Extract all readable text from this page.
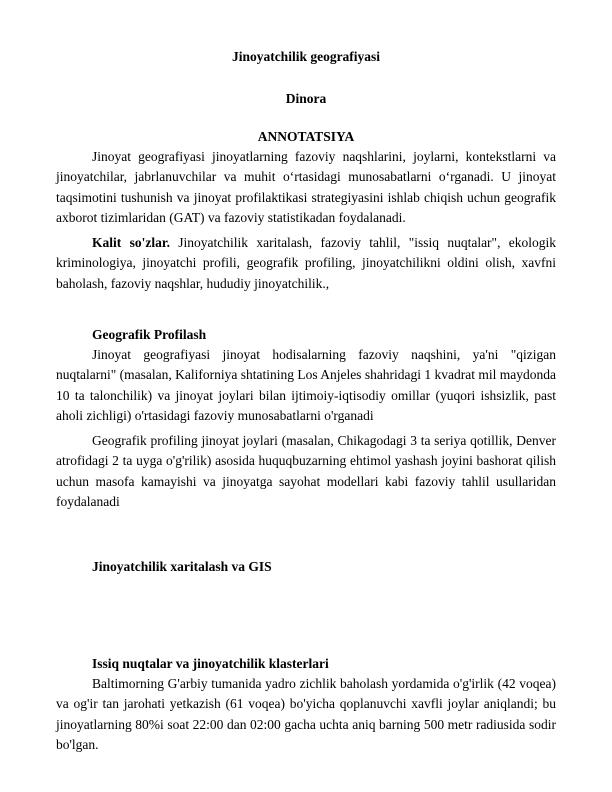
Jinoyatchilik geografiyasi
Dinora
ANNOTATSIYA

Jinoyat geografiyasi jinoyatlarning fazoviy naqshlarini, joylarni, kontekstlarni va jinoyatchilar, jabrlanuvchilar va muhit o‘rtasidagi munosabatlarni o‘rganadi. U jinoyat taqsimotini tushunish va jinoyat profilaktikasi strategiyasini ishlab chiqish uchun geografik axborot tizimlaridan (GAT) va fazoviy statistikadan foydalanadi.

Kalit so'zlar. Jinoyatchilik xaritalash, fazoviy tahlil, "issiq nuqtalar", ekologik kriminologiya, jinoyatchi profili, geografik profiling, jinoyatchilikni oldini olish, xavfni baholash, fazoviy naqshlar, hududiy jinoyatchilik.,

Geografik Profilash

Jinoyat geografiyasi jinoyat hodisalarning fazoviy naqshini, ya'ni "qizigan nuqtalarni" (masalan, Kaliforniya shtatining Los Anjeles shahridagi 1 kvadrat mil maydonda 10 ta talonchilik) va jinoyat joylari bilan ijtimoiy-iqtisodiy omillar (yuqori ishsizlik, past aholi zichligi) o'rtasidagi fazoviy munosabatlarni o'rganadi

Geografik profiling jinoyat joylari (masalan, Chikagodagi 3 ta seriya qotillik, Denver atrofidagi 2 ta uyga o'g'rilik) asosida huquqbuzarning ehtimol yashash joyini bashorat qilish uchun masofa kamayishi va jinoyatga sayohat modellari kabi fazoviy tahlil usullaridan foydalanadi

Jinoyatchilik xaritalash va GIS
Issiq nuqtalar va jinoyatchilik klasterlari

Baltimorning G'arbiy tumanida yadro zichlik baholash yordamida o'g'irlik (42 voqea) va og'ir tan jarohati yetkazish (61 voqea) bo'yicha qoplanuvchi xavfli joylar aniqlandi; bu jinoyatlarning 80%i soat 22:00 dan 02:00 gacha uchta aniq barning 500 metr radiusida sodir bo'lgan.
